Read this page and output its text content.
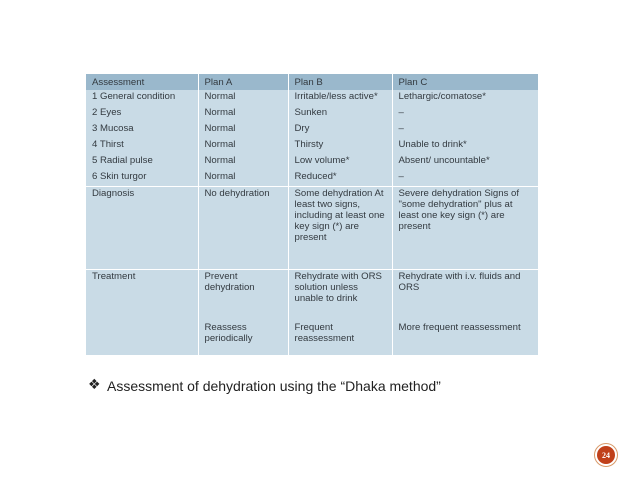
Assessment	Plan A	Plan B	Plan C
1 General condition	Normal	Irritable/less active*	Lethargic/comatose*
2 Eyes	Normal	Sunken	–
3 Mucosa	Normal	Dry	–
4 Thirst	Normal	Thirsty	Unable to drink*
5 Radial pulse	Normal	Low volume*	Absent/ uncountable*
6 Skin turgor	Normal	Reduced*	–
Diagnosis	No dehydration	Some dehydration At least two signs, including at least one key sign (*) are present	Severe dehydration Signs of "some dehydration" plus at least one key sign (*) are present
Treatment	Prevent dehydration	Rehydrate with ORS solution unless unable to drink	Rehydrate with i.v. fluids and ORS
	Reassess periodically	Frequent reassessment	More frequent reassessment
❖
Assessment of dehydration using the “Dhaka method”
24
